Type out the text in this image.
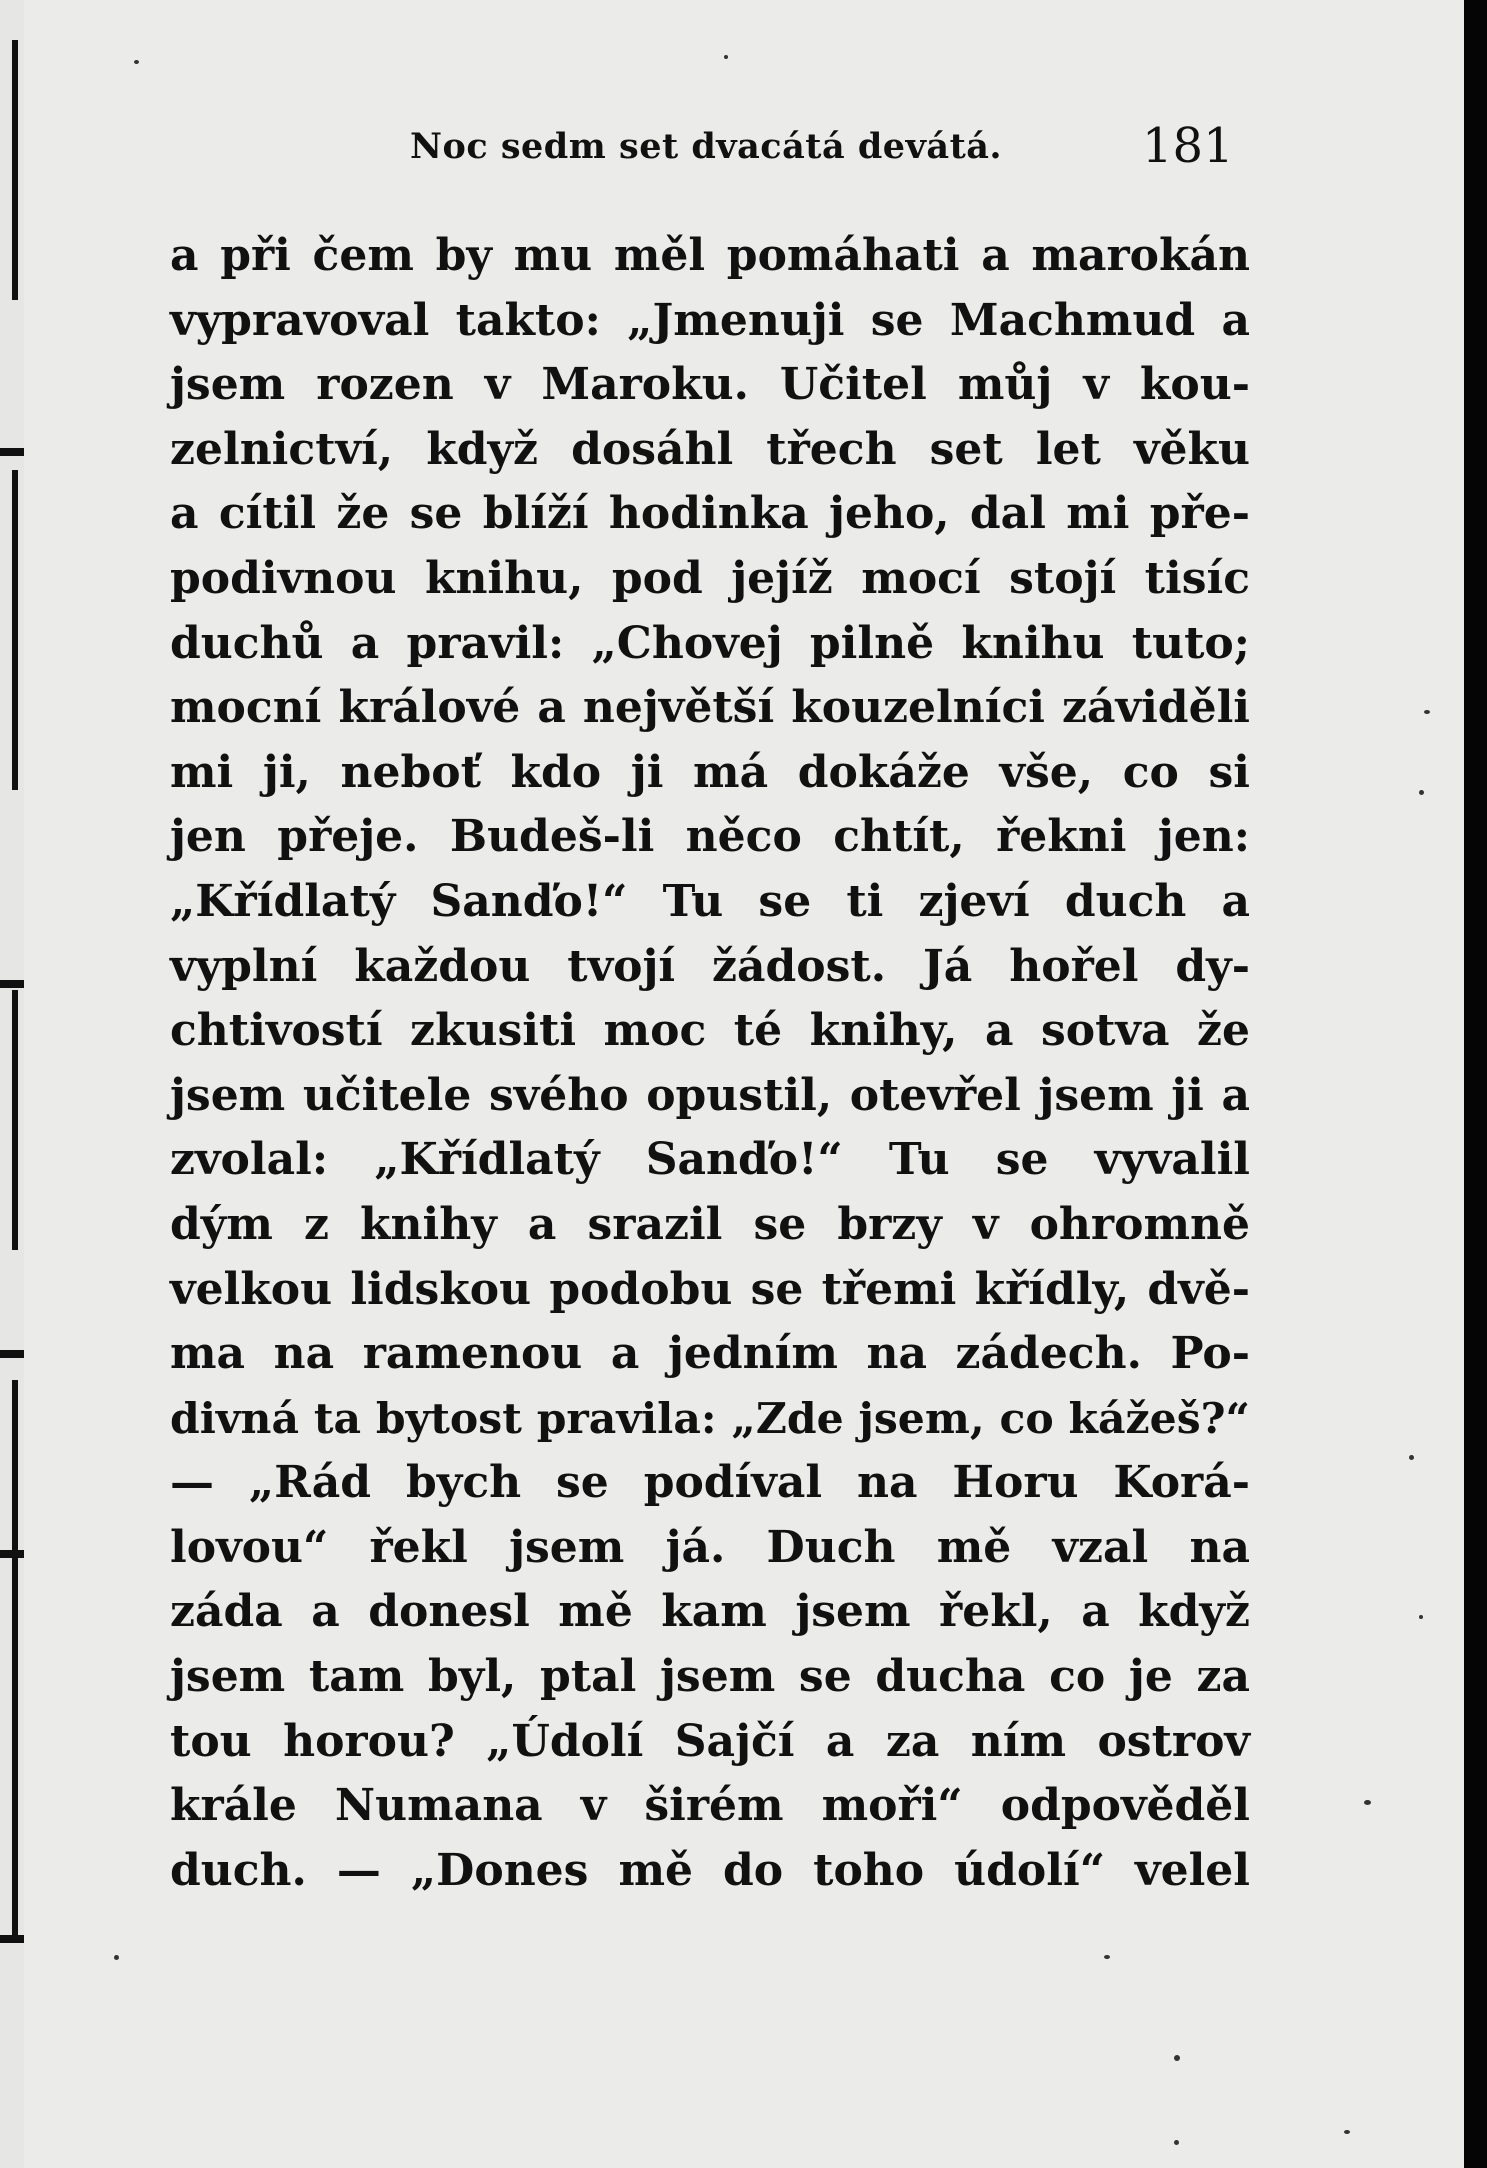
Noc sedm set dvacátá devátá.	181
a při čem by mu měl pomáhati a marokán
vypravoval takto: „Jmenuji se Machmud a
jsem rozen v Maroku. Učitel můj v kou-
zelnictví, když dosáhl třech set let věku
a cítil že se blíží hodinka jeho, dal mi pře-
podivnou knihu, pod jejíž mocí stojí tisíc
duchů a pravil: „Chovej pilně knihu tuto;
mocní králové a největší kouzelníci záviděli
mi ji, neboť kdo ji má dokáže vše, co si
jen přeje. Budeš-li něco chtít, řekni jen:
„Křídlatý Sanďo!“ Tu se ti zjeví duch a
vyplní každou tvojí žádost. Já hořel dy-
chtivostí zkusiti moc té knihy, a sotva že
jsem učitele svého opustil, otevřel jsem ji a
zvolal: „Křídlatý Sanďo!“ Tu se vyvalil
dým z knihy a srazil se brzy v ohromně
velkou lidskou podobu se třemi křídly, dvě-
ma na ramenou a jedním na zádech. Po-
divná ta bytost pravila: „Zde jsem, co kážeš?“
— „Rád bych se podíval na Horu Korá-
lovou“ řekl jsem já. Duch mě vzal na
záda a donesl mě kam jsem řekl, a když
jsem tam byl, ptal jsem se ducha co je za
tou horou? „Údolí Sajčí a za ním ostrov
krále Numana v širém moři“ odpověděl
duch. — „Dones mě do toho údolí“ velel
